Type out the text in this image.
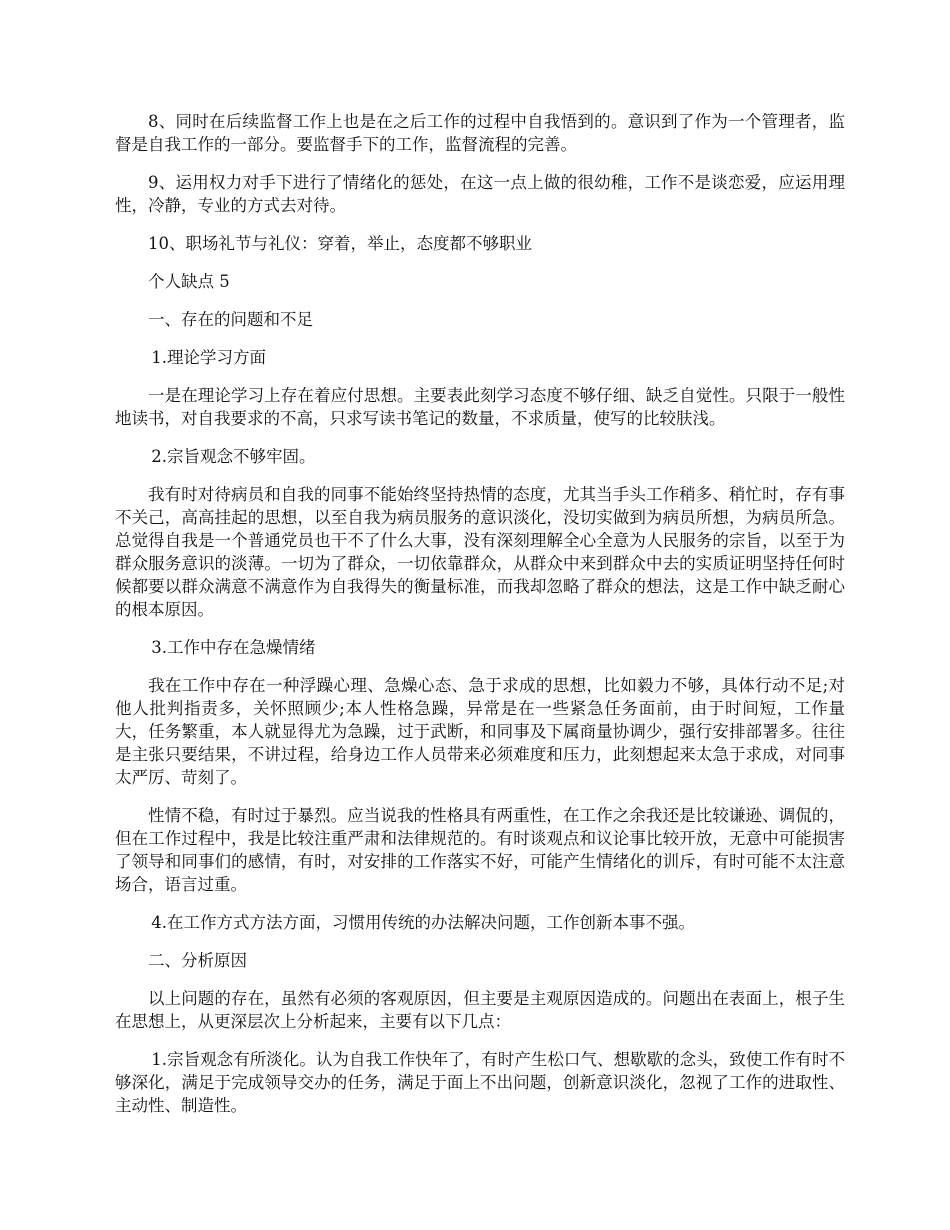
8、同时在后续监督工作上也是在之后工作的过程中自我悟到的。意识到了作为一个管理者，监督是自我工作的一部分。要监督手下的工作，监督流程的完善。

9、运用权力对手下进行了情绪化的惩处，在这一点上做的很幼稚，工作不是谈恋爱，应运用理性，冷静，专业的方式去对待。

10、职场礼节与礼仪：穿着，举止，态度都不够职业

个人缺点 5

一、存在的问题和不足

1.理论学习方面

一是在理论学习上存在着应付思想。主要表此刻学习态度不够仔细、缺乏自觉性。只限于一般性地读书，对自我要求的不高，只求写读书笔记的数量，不求质量，使写的比较肤浅。

2.宗旨观念不够牢固。

我有时对待病员和自我的同事不能始终坚持热情的态度，尤其当手头工作稍多、稍忙时，存有事不关己，高高挂起的思想，以至自我为病员服务的意识淡化，没切实做到为病员所想，为病员所急。总觉得自我是一个普通党员也干不了什么大事，没有深刻理解全心全意为人民服务的宗旨，以至于为群众服务意识的淡薄。一切为了群众，一切依靠群众，从群众中来到群众中去的实质证明坚持任何时候都要以群众满意不满意作为自我得失的衡量标准，而我却忽略了群众的想法，这是工作中缺乏耐心的根本原因。

3.工作中存在急燥情绪

我在工作中存在一种浮躁心理、急燥心态、急于求成的思想，比如毅力不够，具体行动不足;对他人批判指责多，关怀照顾少;本人性格急躁，异常是在一些紧急任务面前，由于时间短，工作量大，任务繁重，本人就显得尤为急躁，过于武断，和同事及下属商量协调少，强行安排部署多。往往是主张只要结果，不讲过程，给身边工作人员带来必须难度和压力，此刻想起来太急于求成，对同事太严厉、苛刻了。

性情不稳，有时过于暴烈。应当说我的性格具有两重性，在工作之余我还是比较谦逊、调侃的，但在工作过程中，我是比较注重严肃和法律规范的。有时谈观点和议论事比较开放，无意中可能损害了领导和同事们的感情，有时，对安排的工作落实不好，可能产生情绪化的训斥，有时可能不太注意场合，语言过重。

4.在工作方式方法方面，习惯用传统的办法解决问题，工作创新本事不强。

二、分析原因

以上问题的存在，虽然有必须的客观原因，但主要是主观原因造成的。问题出在表面上，根子生在思想上，从更深层次上分析起来，主要有以下几点：

1.宗旨观念有所淡化。认为自我工作快年了，有时产生松口气、想歇歇的念头，致使工作有时不够深化，满足于完成领导交办的任务，满足于面上不出问题，创新意识淡化，忽视了工作的进取性、主动性、制造性。
